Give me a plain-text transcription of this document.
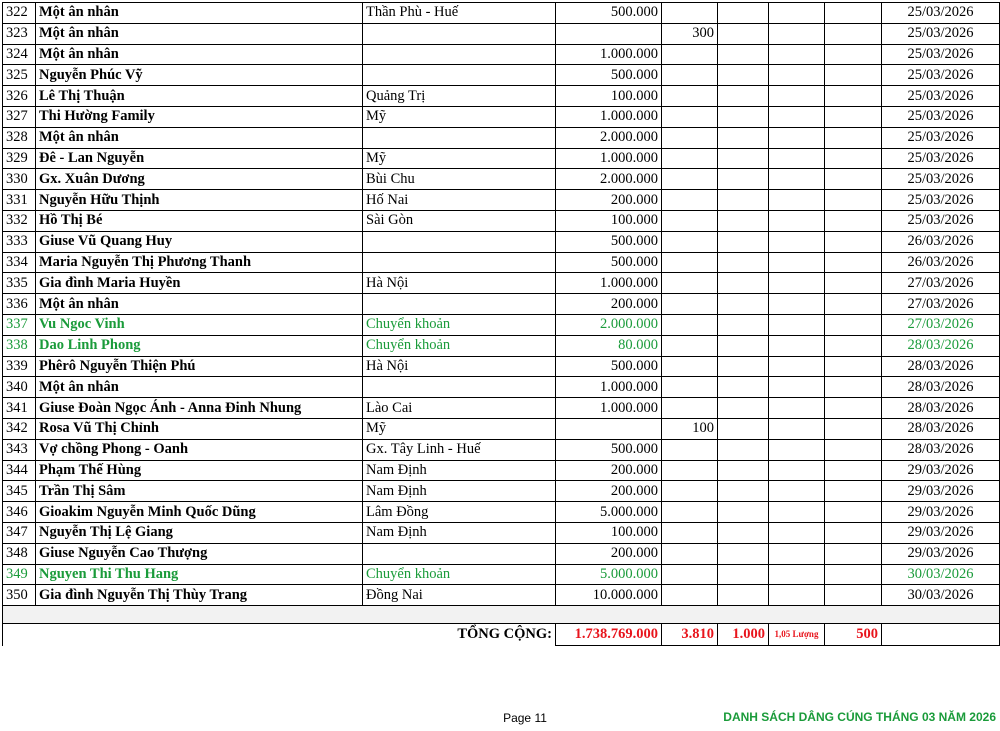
322	Một ân nhân	Thần Phù - Huế	500.000					25/03/2026
323	Một ân nhân			300				25/03/2026
324	Một ân nhân		1.000.000					25/03/2026
325	Nguyễn Phúc Vỹ		500.000					25/03/2026
326	Lê Thị Thuận	Quảng Trị	100.000					25/03/2026
327	Thi Hường Family	Mỹ	1.000.000					25/03/2026
328	Một ân nhân		2.000.000					25/03/2026
329	Đê - Lan Nguyễn	Mỹ	1.000.000					25/03/2026
330	Gx. Xuân Dương	Bùi Chu	2.000.000					25/03/2026
331	Nguyễn Hữu Thịnh	Hố Nai	200.000					25/03/2026
332	Hồ Thị Bé	Sài Gòn	100.000					25/03/2026
333	Giuse Vũ Quang Huy		500.000					26/03/2026
334	Maria Nguyễn Thị Phương Thanh		500.000					26/03/2026
335	Gia đình Maria Huyền	Hà Nội	1.000.000					27/03/2026
336	Một ân nhân		200.000					27/03/2026
337	Vu Ngoc Vinh	Chuyển khoản	2.000.000					27/03/2026
338	Dao Linh Phong	Chuyển khoản	80.000					28/03/2026
339	Phêrô Nguyễn Thiện Phú	Hà Nội	500.000					28/03/2026
340	Một ân nhân		1.000.000					28/03/2026
341	Giuse Đoàn Ngọc Ánh - Anna Đinh Nhung	Lào Cai	1.000.000					28/03/2026
342	Rosa Vũ Thị Chỉnh	Mỹ		100				28/03/2026
343	Vợ chồng Phong - Oanh	Gx. Tây Linh - Huế	500.000					28/03/2026
344	Phạm Thế Hùng	Nam Định	200.000					29/03/2026
345	Trần Thị Sâm	Nam Định	200.000					29/03/2026
346	Gioakim Nguyễn Minh Quốc Dũng	Lâm Đồng	5.000.000					29/03/2026
347	Nguyễn Thị Lệ Giang	Nam Định	100.000					29/03/2026
348	Giuse Nguyễn Cao Thượng		200.000					29/03/2026
349	Nguyen Thi Thu Hang	Chuyển khoản	5.000.000					30/03/2026
350	Gia đình Nguyễn Thị Thùy Trang	Đồng Nai	10.000.000					30/03/2026

TỔNG CỘNG:			1.738.769.000	3.810	1.000	1,05 Lượng	500	
Page 11	DANH SÁCH DÂNG CÚNG THÁNG 03 NĂM 2026
